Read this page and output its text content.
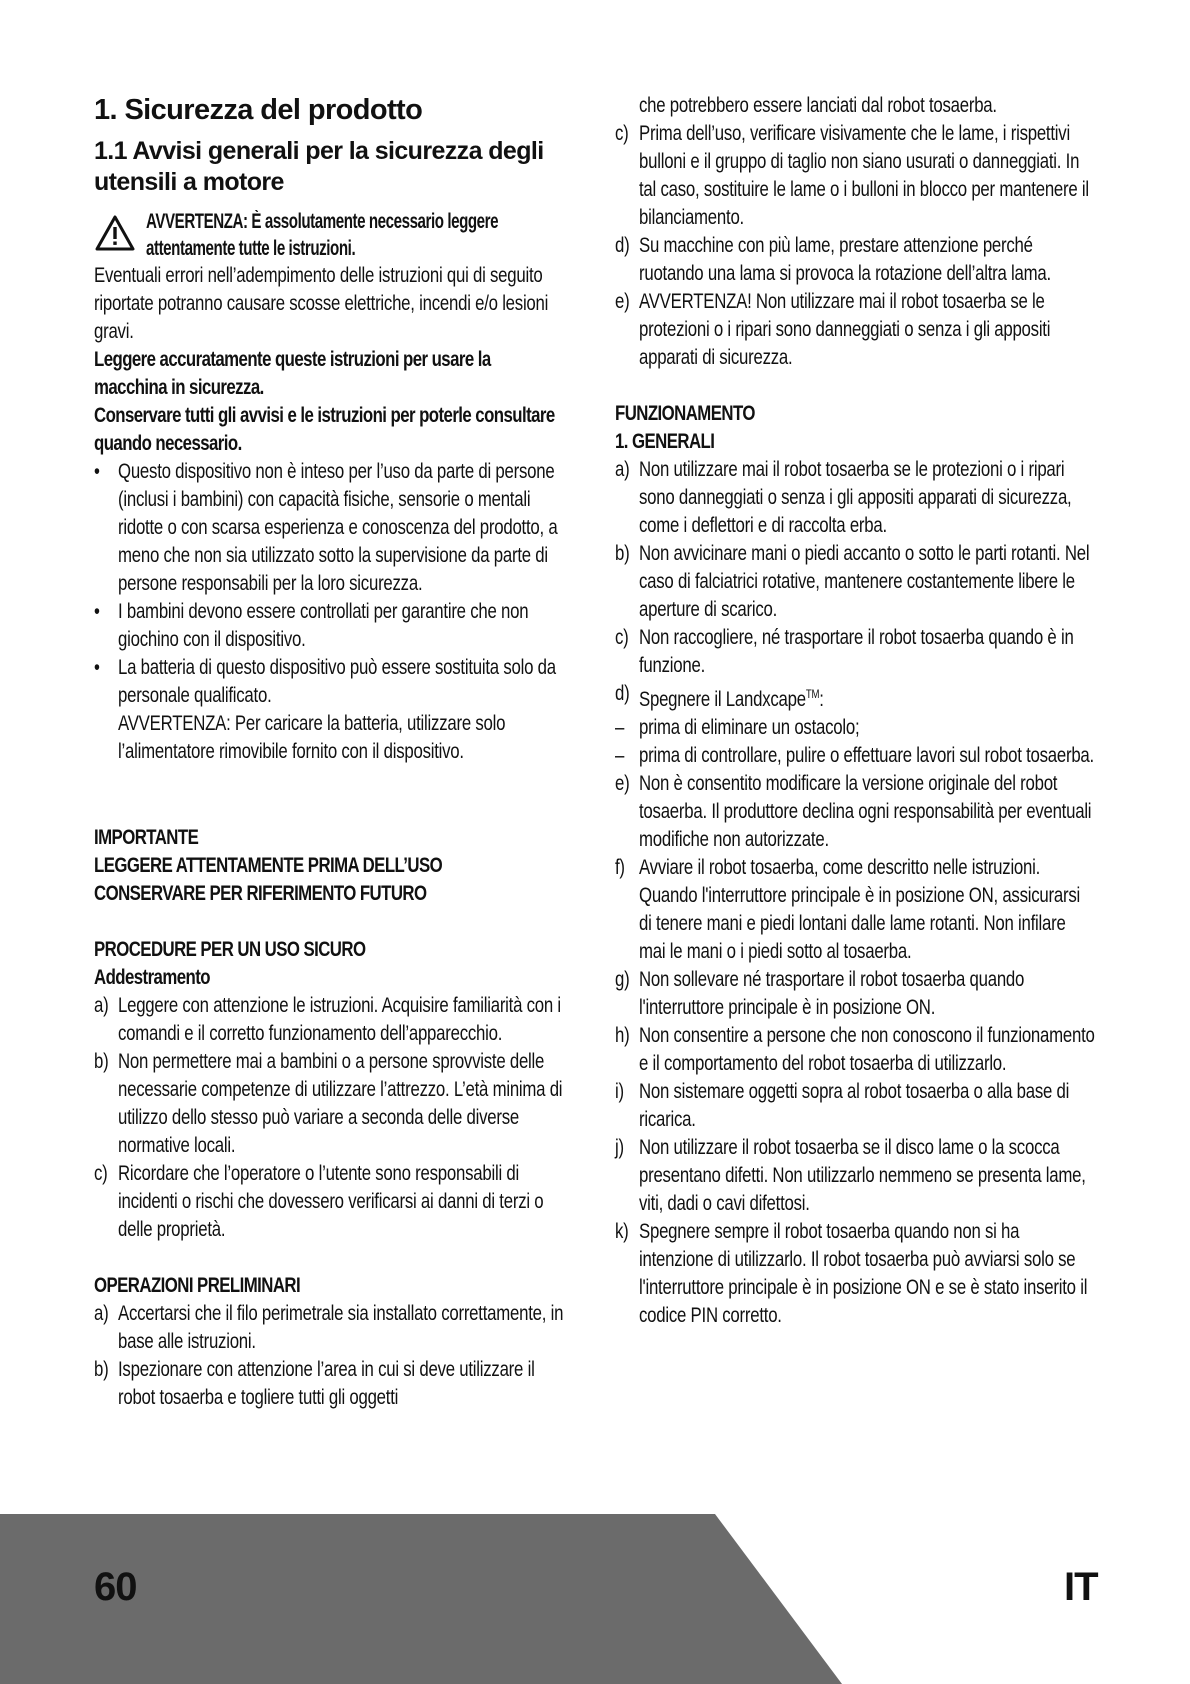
1. Sicurezza del prodotto
1.1 Avvisi generali per la sicurezza degli utensili a motore
AVVERTENZA: È assolutamente necessario leggere attentamente tutte le istruzioni.

Eventuali errori nell’adempimento delle istruzioni qui di seguito riportate potranno causare scosse elettriche, incendi e/o lesioni gravi.

Leggere accuratamente queste istruzioni per usare la macchina in sicurezza.

Conservare tutti gli avvisi e le istruzioni per poterle consultare quando necessario.

• Questo dispositivo non è inteso per l’uso da parte di persone (inclusi i bambini) con capacità fisiche, sensorie o mentali ridotte o con scarsa esperienza e conoscenza del prodotto, a meno che non sia utilizzato sotto la supervisione da parte di persone responsabili per la loro sicurezza.
• I bambini devono essere controllati per garantire che non giochino con il dispositivo.
• La batteria di questo dispositivo può essere sostituita solo da personale qualificato.
AVVERTENZA: Per caricare la batteria, utilizzare solo l’alimentatore rimovibile fornito con il dispositivo.

IMPORTANTE

LEGGERE ATTENTAMENTE PRIMA DELL’USO

CONSERVARE PER RIFERIMENTO FUTURO

PROCEDURE PER UN USO SICURO

Addestramento

a) Leggere con attenzione le istruzioni. Acquisire familiarità con i comandi e il corretto funzionamento dell’apparecchio.
b) Non permettere mai a bambini o a persone sprovviste delle necessarie competenze di utilizzare l’attrezzo. L’età minima di utilizzo dello stesso può variare a seconda delle diverse normative locali.
c) Ricordare che l’operatore o l’utente sono responsabili di incidenti o rischi che dovessero verificarsi ai danni di terzi o delle proprietà.

OPERAZIONI PRELIMINARI

a) Accertarsi che il filo perimetrale sia installato correttamente, in base alle istruzioni.
b) Ispezionare con attenzione l’area in cui si deve utilizzare il robot tosaerba e togliere tutti gli oggetti
che potrebbero essere lanciati dal robot tosaerba.
c) Prima dell’uso, verificare visivamente che le lame, i rispettivi bulloni e il gruppo di taglio non siano usurati o danneggiati. In tal caso, sostituire le lame o i bulloni in blocco per mantenere il bilanciamento.
d) Su macchine con più lame, prestare attenzione perché ruotando una lama si provoca la rotazione dell’altra lama.
e) AVVERTENZA! Non utilizzare mai il robot tosaerba se le protezioni o i ripari sono danneggiati o senza i gli appositi apparati di sicurezza.

FUNZIONAMENTO

1. GENERALI

a) Non utilizzare mai il robot tosaerba se le protezioni o i ripari sono danneggiati o senza i gli appositi apparati di sicurezza, come i deflettori e di raccolta erba.
b) Non avvicinare mani o piedi accanto o sotto le parti rotanti. Nel caso di falciatrici rotative, mantenere costantemente libere le aperture di scarico.
c) Non raccogliere, né trasportare il robot tosaerba quando è in funzione.
d) Spegnere il Landxcape™:
– prima di eliminare un ostacolo;
– prima di controllare, pulire o effettuare lavori sul robot tosaerba.
e) Non è consentito modificare la versione originale del robot tosaerba. Il produttore declina ogni responsabilità per eventuali modifiche non autorizzate.
f) Avviare il robot tosaerba, come descritto nelle istruzioni. Quando l'interruttore principale è in posizione ON, assicurarsi di tenere mani e piedi lontani dalle lame rotanti. Non infilare mai le mani o i piedi sotto al tosaerba.
g) Non sollevare né trasportare il robot tosaerba quando l'interruttore principale è in posizione ON.
h) Non consentire a persone che non conoscono il funzionamento e il comportamento del robot tosaerba di utilizzarlo.
i) Non sistemare oggetti sopra al robot tosaerba o alla base di ricarica.
j) Non utilizzare il robot tosaerba se il disco lame o la scocca presentano difetti. Non utilizzarlo nemmeno se presenta lame, viti, dadi o cavi difettosi.
k) Spegnere sempre il robot tosaerba quando non si ha intenzione di utilizzarlo. Il robot tosaerba può avviarsi solo se l'interruttore principale è in posizione ON e se è stato inserito il codice PIN corretto.
60	IT
